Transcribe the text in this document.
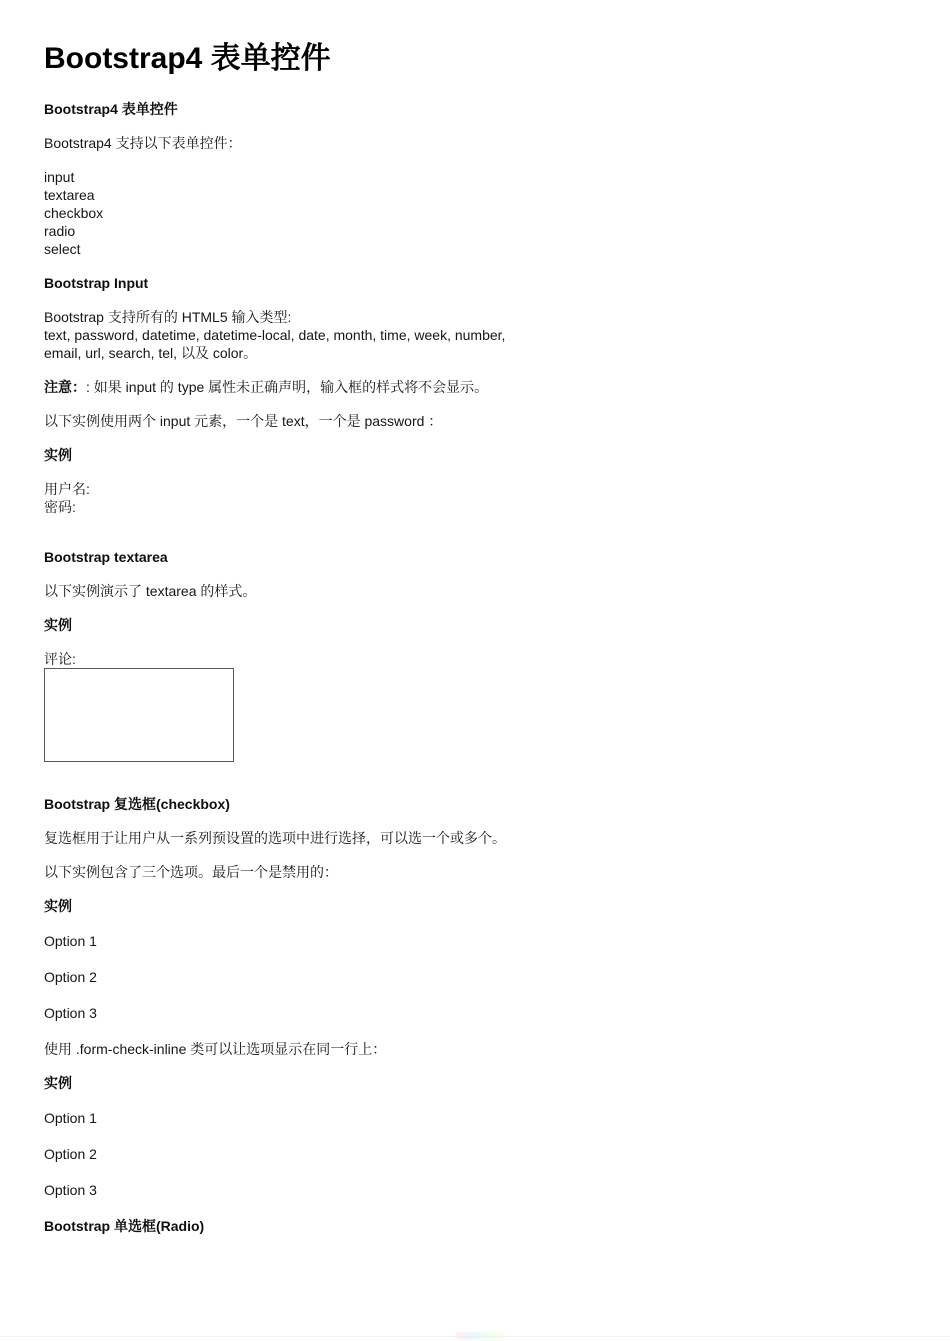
Bootstrap4 表单控件

Bootstrap4 表单控件

Bootstrap4 支持以下表单控件：

input
textarea
checkbox
radio
select

Bootstrap Input

Bootstrap 支持所有的 HTML5 输入类型:
text, password, datetime, datetime-local, date, month, time, week, number,
email, url, search, tel, 以及 color。

注意：: 如果 input 的 type 属性未正确声明，输入框的样式将不会显示。

以下实例使用两个 input 元素，一个是 text，一个是 password ：

实例

用户名:
密码:

Bootstrap textarea

以下实例演示了 textarea 的样式。

实例

评论:

Bootstrap 复选框(checkbox)

复选框用于让用户从一系列预设置的选项中进行选择，可以选一个或多个。

以下实例包含了三个选项。最后一个是禁用的：

实例

Option 1
Option 2
Option 3

使用 .form-check-inline 类可以让选项显示在同一行上：

实例

Option 1
Option 2
Option 3

Bootstrap 单选框(Radio)
